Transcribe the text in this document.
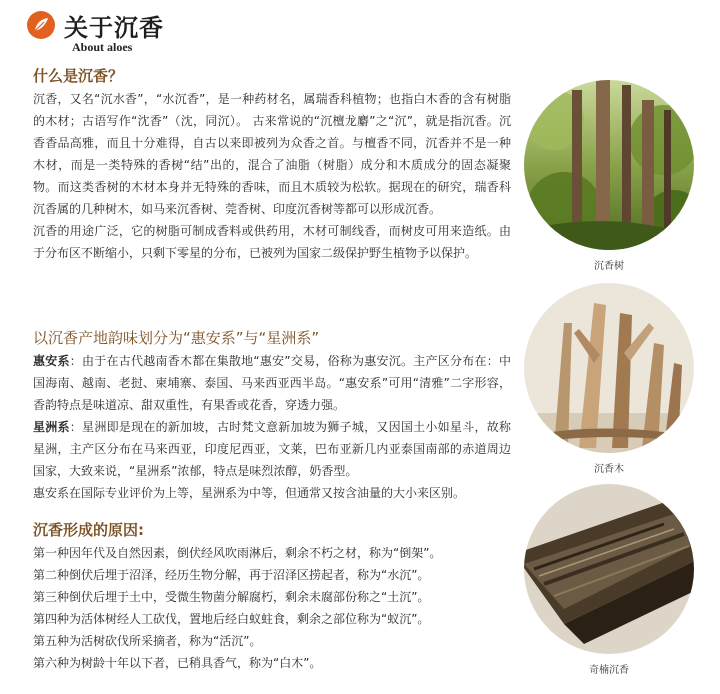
关于沉香
About aloes
什么是沉香？

沉香，又名“沉水香”，“水沉香”，是一种药材名，属瑞香科植物；也指白木香的含有树脂的木材；古语写作“沈香”（沈，同沉）。 古来常说的“沉檀龙麝”之“沉”，就是指沉香。沉香香品高雅，而且十分难得，自古以来即被列为众香之首。与檀香不同，沉香并不是一种木材，而是一类特殊的香树“结”出的，混合了油脂（树脂）成分和木质成分的固态凝聚物。而这类香树的木材本身并无特殊的香味，而且木质较为松软。据现在的研究，瑞香科沉香属的几种树木，如马来沉香树、莞香树、印度沉香树等都可以形成沉香。

沉香的用途广泛，它的树脂可制成香料或供药用，木材可制线香，而树皮可用来造纸。由于分布区不断缩小，只剩下零星的分布，已被列为国家二级保护野生植物予以保护。

以沉香产地韵味划分为“惠安系”与“星洲系”

惠安系：由于在古代越南香木都在集散地“惠安”交易，俗称为惠安沉。主产区分布在：中国海南、越南、老挝、柬埔寨、泰国、马来西亚西半岛。“惠安系”可用“清雅”二字形容，香韵特点是味道凉、甜双重性，有果香或花香，穿透力强。

星洲系：星洲即是现在的新加坡，古时梵文意新加坡为狮子城，又因国土小如星斗，故称星洲，主产区分布在马来西亚，印度尼西亚，文莱，巴布亚新几内亚泰国南部的赤道周边国家，大致来说，“星洲系”浓郁，特点是味烈浓醇，奶香型。

惠安系在国际专业评价为上等，星洲系为中等，但通常又按含油量的大小来区别。

沉香形成的原因:

第一种因年代及自然因素，倒伏经风吹雨淋后，剩余不朽之材，称为“倒架”。

第二种倒伏后埋于沼泽，经历生物分解，再于沼泽区捞起者，称为“水沉”。

第三种倒伏后埋于土中，受微生物菌分解腐朽，剩余未腐部份称之“土沉”。

第四种为活体树经人工砍伐，置地后经白蚁蛀食，剩余之部位称为“蚁沉”。

第五种为活树砍伐所采摘者，称为“活沉”。

第六种为树龄十年以下者，已稍具香气，称为“白木”。

沉香树
沉香木
奇楠沉香
